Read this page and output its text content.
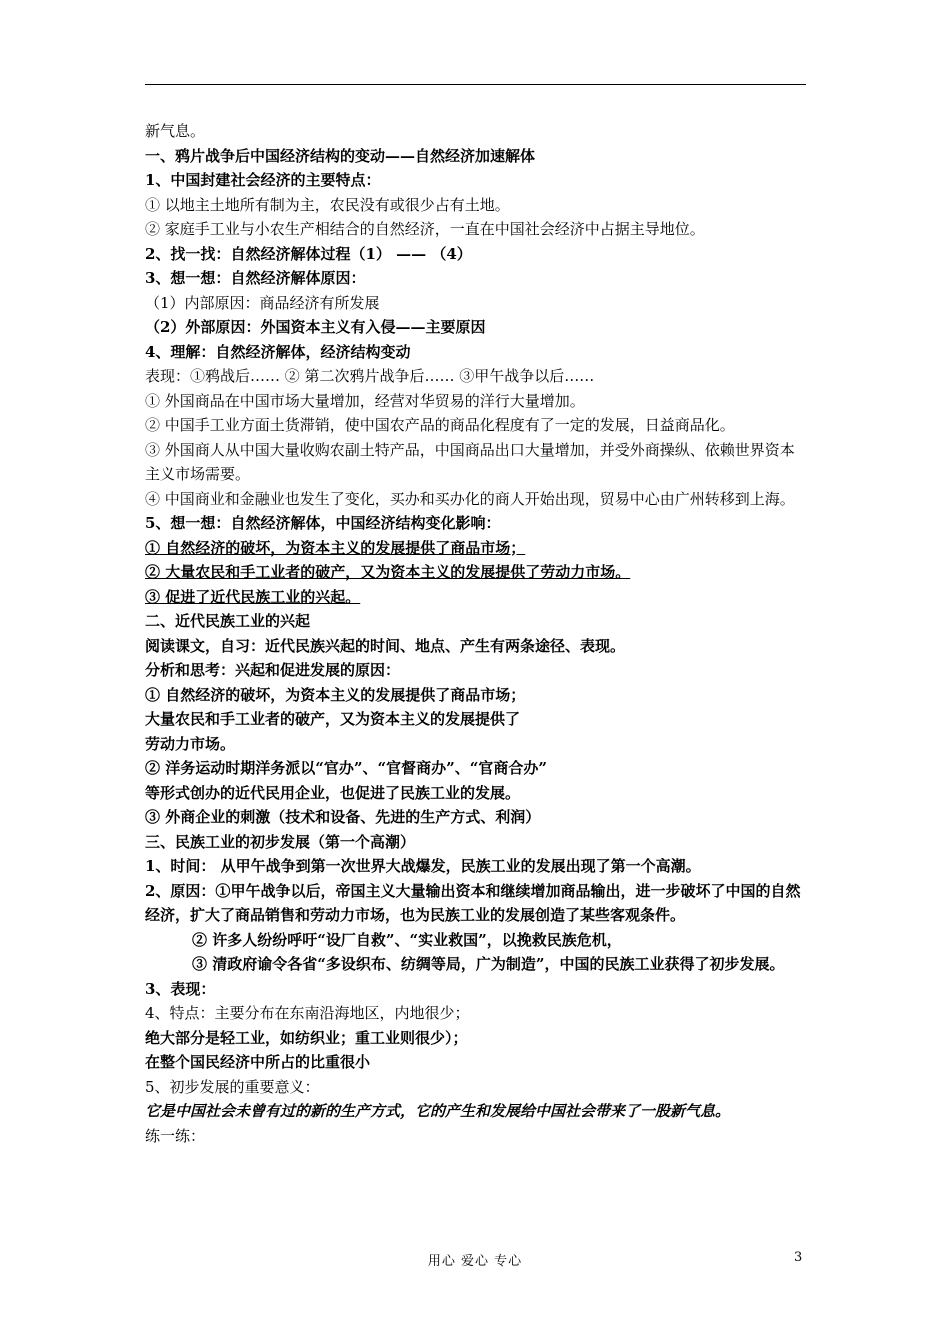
新气息。
一、鸦片战争后中国经济结构的变动——自然经济加速解体
1、中国封建社会经济的主要特点：
① 以地主土地所有制为主，农民没有或很少占有土地。
② 家庭手工业与小农生产相结合的自然经济，一直在中国社会经济中占据主导地位。
2、找一找：自然经济解体过程（1） —— （4）
3、想一想：自然经济解体原因：
（1）内部原因：商品经济有所发展
（2）外部原因：外国资本主义有入侵——主要原因
4、理解：自然经济解体，经济结构变动
表现：①鸦战后…… ② 第二次鸦片战争后…… ③甲午战争以后……
① 外国商品在中国市场大量增加，经营对华贸易的洋行大量增加。
② 中国手工业方面土货滞销，使中国农产品的商品化程度有了一定的发展，日益商品化。
③ 外国商人从中国大量收购农副土特产品，中国商品出口大量增加，并受外商操纵、依赖世界资本主义市场需要。
④ 中国商业和金融业也发生了变化，买办和买办化的商人开始出现，贸易中心由广州转移到上海。
5、想一想：自然经济解体，中国经济结构变化影响：
① 自然经济的破坏，为资本主义的发展提供了商品市场；
② 大量农民和手工业者的破产，又为资本主义的发展提供了劳动力市场。
③ 促进了近代民族工业的兴起。
二、近代民族工业的兴起
阅读课文，自习：近代民族兴起的时间、地点、产生有两条途径、表现。
分析和思考：兴起和促进发展的原因：
① 自然经济的破坏，为资本主义的发展提供了商品市场；
大量农民和手工业者的破产，又为资本主义的发展提供了
劳动力市场。
② 洋务运动时期洋务派以“官办”、“官督商办”、“官商合办”
等形式创办的近代民用企业，也促进了民族工业的发展。
③ 外商企业的刺激（技术和设备、先进的生产方式、利润）
三、民族工业的初步发展（第一个高潮）
1、时间： 从甲午战争到第一次世界大战爆发，民族工业的发展出现了第一个高潮。
2、原因：①甲午战争以后，帝国主义大量输出资本和继续增加商品输出，进一步破坏了中国的自然经济，扩大了商品销售和劳动力市场，也为民族工业的发展创造了某些客观条件。
② 许多人纷纷呼吁“设厂自救”、“实业救国”，以挽救民族危机，
③ 清政府谕令各省“多设织布、纺绸等局，广为制造”，中国的民族工业获得了初步发展。
3、表现：
4、特点：主要分布在东南沿海地区，内地很少；
绝大部分是轻工业，如纺织业；重工业则很少）；
在整个国民经济中所占的比重很小
5、初步发展的重要意义：
它是中国社会未曾有过的新的生产方式，它的产生和发展给中国社会带来了一股新气息。
练一练：
用心 爱心 专心	3
